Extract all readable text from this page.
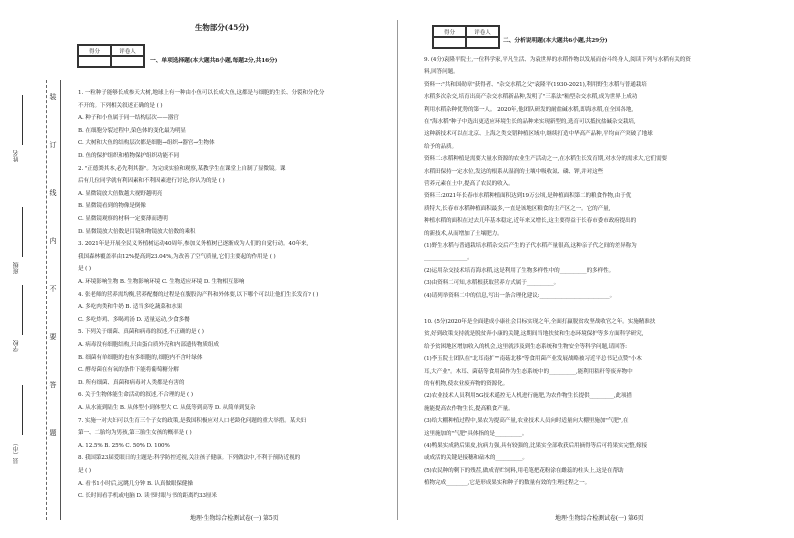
装
订
线
内
不
要
答
题
姓名
班级
学校
县（市）
生物部分(45分)
得分	评卷人
一、单项选择题(本大题共8小题,每题2分,共16分)
1. 一粒种子能够长成参天大树,地球上有一种由小鱼可以长成大鱼,这都是与细胞的生长、分裂和分化分
不开的。下列相关叙述正确的是 ( )
A. 种子和小鱼属于同一结构层次——器官
B. 在细胞分裂过程中,染色体的变化最为明显
C. 大树和大鱼的结构层次都是细胞→组织→器官→生物体
D. 鱼的保护组织和植物保护组织功能不同
2. "正德粪其本,必先利其器"。为完成实验和观察,某教学生在课堂上自制了显微镜。课
后有几位同学就有利因素和不利因素进行讨论,你认为的是 ( )
A. 显微镜放大倍数越大视野越明亮
B. 显微镜看到的物像是倒像
C. 显微镜观察的材料一定要薄而透明
D. 显微镜放大倍数是目镜和物镜放大倍数的乘积
3. 2021年是开展全民义务植树运动40周年,参加义务植树已逐渐成为人们的自觉行动。40年来,
我国森林覆盖率由12%提高到23.04%,为改善了空气质量,它们主要起的作用是 ( )
是 ( )
A. 环境影响生物 B. 生物影响环境 C. 生物适应环境 D. 生物相互影响
4. 张老师的营养需均衡,营养配餐的过程是在腹股沟产科和外体要,以下哪个可以让他们生长发育? ( )
A. 多吃肉类和牛奶 B. 适当多吃蔬菜和水果
C. 多吃炸鸡、多喝鸡汤 D. 适量运动,少食多餐
5. 下列关于细菌、真菌和病毒的叙述,不正确的是 ( )
A. 病毒没有细胞结构,只由蛋白质外壳和内部遗传物质组成
B. 细菌有单细胞的也有多细胞的,细胞内不含叶绿体
C. 酵母菌在有氧的条件下能将葡萄糖分解
D. 所有细菌、真菌和病毒对人类都是有害的
6. 关于生物体能生命活动的叙述,不合理的是 ( )
A. 从水流到陆生 B. 从体型小到体型大 C. 从低等到高等 D. 从简单到复杂
7. 实施一对夫妇可以生育三个子女的政策,是我国积极应对人口老龄化问题的重大举措。某夫妇
第一、二胎均为男孩,第三胎生女孩的概率是 ( )
A. 12.5% B. 25% C. 50% D. 100%
8. 我国第23届爱眼日的主题是:科学防控近视,关注孩子健康。下列做法中,不利于预防近视的
是 ( )
A. 看书1小时后,远眺几分钟 B. 认真做眼保健操
C. 长时间看手机或电脑 D. 读书时眼与书的距离约33厘米
地理·生物综合检测试卷(一) 第5页
得分	评卷人
二、分析说明题(本大题共6小题,共29分)
9. (4分)袁隆平院士,一位科学家,平凡生活、为袁世界的水稻作物以发展而奋斗终身人,阅读下列与水稻有关的资
料,回答问题。
资料一:"共和国勋章"获得者、"杂交水稻之父"袁隆平(1930-2021),利用野生水稻与普通栽培
水稻多次杂交,培育出高产杂交水稻新品种,发明了"三系法"籼型杂交水稻,成为世界上成功
利用水稻杂种优势的第一人。 2020年,他团队研发的耐盐碱水稻,即海水稻,在全国各地,
在"海水稻"种子中选出更适应环境生长的品种来实现新型的,选育可以抵抗盐碱杂交栽培,
这种新技术可以在北京、上海之类交错种植区域中,继续打造中华高产品种,平均亩产突破了地球
给予的品质。
资料二:水稻种植是需要大量水资源的农业生产活动之一,在水稻生长发育期,对水分的需求大,它们需要
水稻田保持一定水位,发达的根系从湿润的土壤中吸收氮、磷、钾,并对这些
营养元素在土中,提高了农民的收入。
资料三:2021年长春市水稻种植面积达到19万公顷,是种植面积第二的粮食作物,由于优
质特大,长春市水稻种植面积最多,一直是该地区粮食的主产区之一。它的产量,
种植水稻的面积在过去几年基本稳定,近年来又增长,这主要得益于长春市委市政府提出的
的新技术,从而增加了土壤肥力。
(1)野生水稻与普通栽培水稻杂交后产生的子代水稻产量很高,这种亲子代之间的差异称为
________________。
(2)运用杂交技术培育海水稻,这是利用了生物多样性中的__________的多样性。
(3)由资料二可知,水稻根获取营养方式属于__________。
(4)请列举资料二中的信息,写出一条合理化建议:__________________________。
10. (5分)2020年是全面建成小康社会目标实现之年,全面打赢脱贫攻坚战收官之年。实施精准扶
贫,好到政策支持就是脱贫奔小康的关键,这期间当地扶贫和生态环境保护等多方面科学研究,
给予贫困地区增加收入的机会,这里就涉及到生态系统和生物安全等科学问题,请回答:
(1)李玉院士团队在"北耳南扩""南菇北移"等食用菌产业发展战略被习近平总书记点赞"小木
耳,大产业"。木耳、菌菇等食用菌作为生态系统中的__________,能利用秸秆等废弃物中
的有机物,使农业废弃物的资源化。
(2)农业技术人员利用5G技术遥控无人机进行施肥,为农作物生长提供_________,此项措
施能提高农作物生长,提高粮食产量。
(3)给大棚种植过程中,果农为提高产量,农业技术人员向时适量向大棚里施加"气肥",在
这里施加的"气肥"具体指的是__________。
(4)鸭果实成熟后果皮,抗病力强,具有较强的,比果实全部收获后用摘得等后可将果实完整,嫁接
或成活的关键是接穗和砧木的__________。
(5)农民种的剩下的残茬,做成青贮饲料,用毛笔把花粉涂在雌蕊的柱头上,这是在帮助
植物完成________,它是形成果实和种子的数量有效的生理过程之一。
地理·生物综合检测试卷(一) 第6页
